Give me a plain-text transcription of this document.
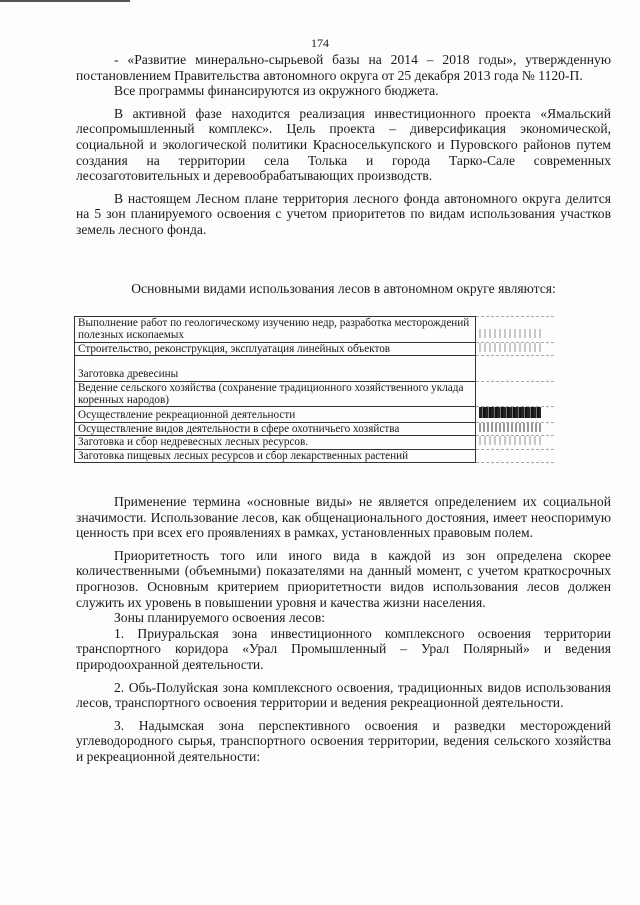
174

- «Развитие минерально-сырьевой базы на 2014 – 2018 годы», утвержденную постановлением Правительства автономного округа от 25 декабря 2013 года № 1120-П.

Все программы финансируются из окружного бюджета.

В активной фазе находится реализация инвестиционного проекта «Ямальский лесопромышленный комплекс». Цель проекта – диверсификация экономической, социальной и экологической политики Красноселькупского и Пуровского районов путем создания на территории села Толька и города Тарко-Сале современных лесозаготовительных и деревообрабатывающих производств.

В настоящем Лесном плане территория лесного фонда автономного округа делится на 5 зон планируемого освоения с учетом приоритетов по видам использования участков земель лесного фонда.

Основными видами использования лесов в автономном округе являются:

Выполнение работ по геологическому изучению недр, разработка месторождений полезных ископаемых	
Строительство, реконструкция, эксплуатация линейных объектов	
Заготовка древесины	
Ведение сельского хозяйства (сохранение традиционного хозяйственного уклада коренных народов)	
Осуществление рекреационной деятельности	
Осуществление видов деятельности в сфере охотничьего хозяйства	
Заготовка и сбор недревесных лесных ресурсов.	
Заготовка пищевых лесных ресурсов и сбор лекарственных растений	

Применение термина «основные виды» не является определением их социальной значимости. Использование лесов, как общенационального достояния, имеет неоспоримую ценность при всех его проявлениях в рамках, установленных правовым полем.

Приоритетность того или иного вида в каждой из зон определена скорее количественными (объемными) показателями на данный момент, с учетом краткосрочных прогнозов. Основным критерием приоритетности видов использования лесов должен служить их уровень в повышении уровня и качества жизни населения.

Зоны планируемого освоения лесов:

1. Приуральская зона инвестиционного комплексного освоения территории транспортного коридора «Урал Промышленный – Урал Полярный» и ведения природоохранной деятельности.

2. Обь-Полуйская зона комплексного освоения, традиционных видов использования лесов, транспортного освоения территории и ведения рекреационной деятельности.

3. Надымская зона перспективного освоения и разведки месторождений углеводородного сырья, транспортного освоения территории, ведения сельского хозяйства и рекреационной деятельности:
